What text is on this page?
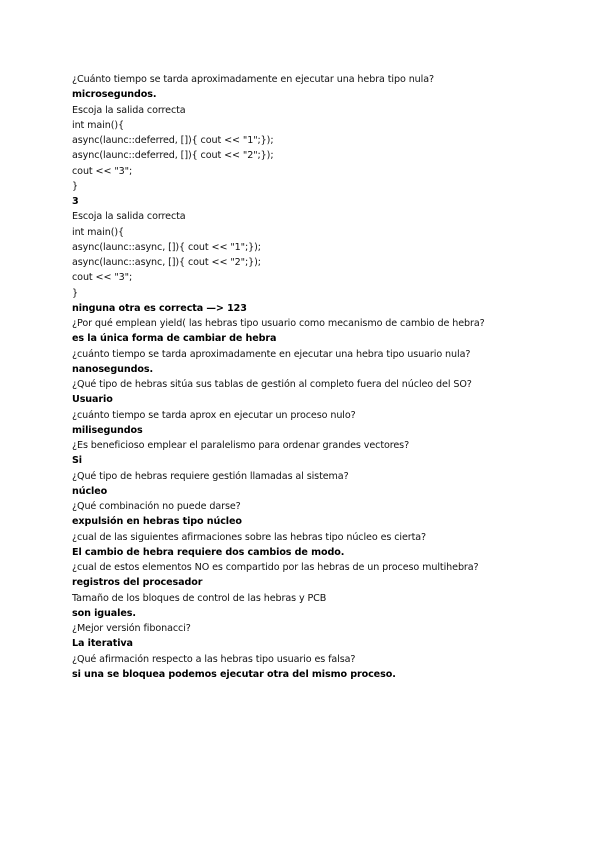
¿Cuánto tiempo se tarda aproximadamente en ejecutar una hebra tipo nula?
microsegundos.
Escoja la salida correcta
int main(){
async(launc::deferred, []){ cout << "1";});
async(launc::deferred, []){ cout << "2";});
cout << "3";
}
3
Escoja la salida correcta
int main(){
async(launc::async, []){ cout << "1";});
async(launc::async, []){ cout << "2";});
cout << "3";
}
ninguna otra es correcta —> 123
¿Por qué emplean yield( las hebras tipo usuario como mecanismo de cambio de hebra?
es la única forma de cambiar de hebra
¿cuánto tiempo se tarda aproximadamente en ejecutar una hebra tipo usuario nula?
nanosegundos.
¿Qué tipo de hebras sitúa sus tablas de gestión al completo fuera del núcleo del SO?
Usuario
¿cuánto tiempo se tarda aprox en ejecutar un proceso nulo?
milisegundos
¿Es beneficioso emplear el paralelismo para ordenar grandes vectores?
Si
¿Qué tipo de hebras requiere gestión llamadas al sistema?
núcleo
¿Qué combinación no puede darse?
expulsión en hebras tipo núcleo
¿cual de las siguientes afirmaciones sobre las hebras tipo núcleo es cierta?
El cambio de hebra requiere dos cambios de modo.
¿cual de estos elementos NO es compartido por las hebras de un proceso multihebra?
registros del procesador
Tamaño de los bloques de control de las hebras y PCB
son iguales.
¿Mejor versión fibonacci?
La iterativa
¿Qué afirmación respecto a las hebras tipo usuario es falsa?
si una se bloquea podemos ejecutar otra del mismo proceso.
